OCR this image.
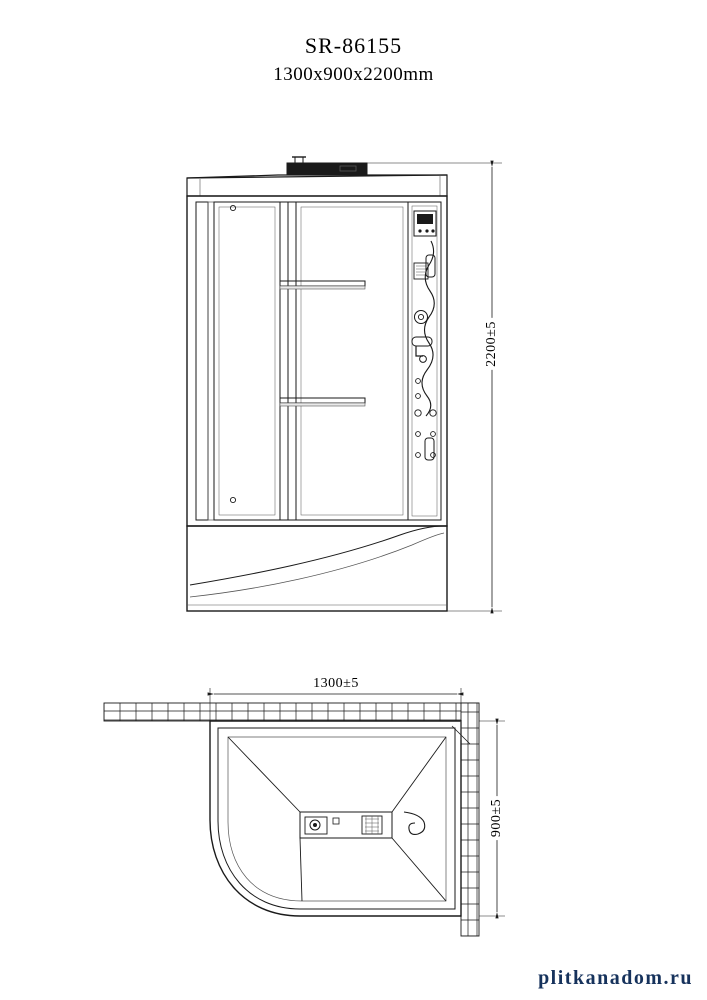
SR-86155
1300x900x2200mm
2200±5
1300±5
900±5
plitkanadom.ru
